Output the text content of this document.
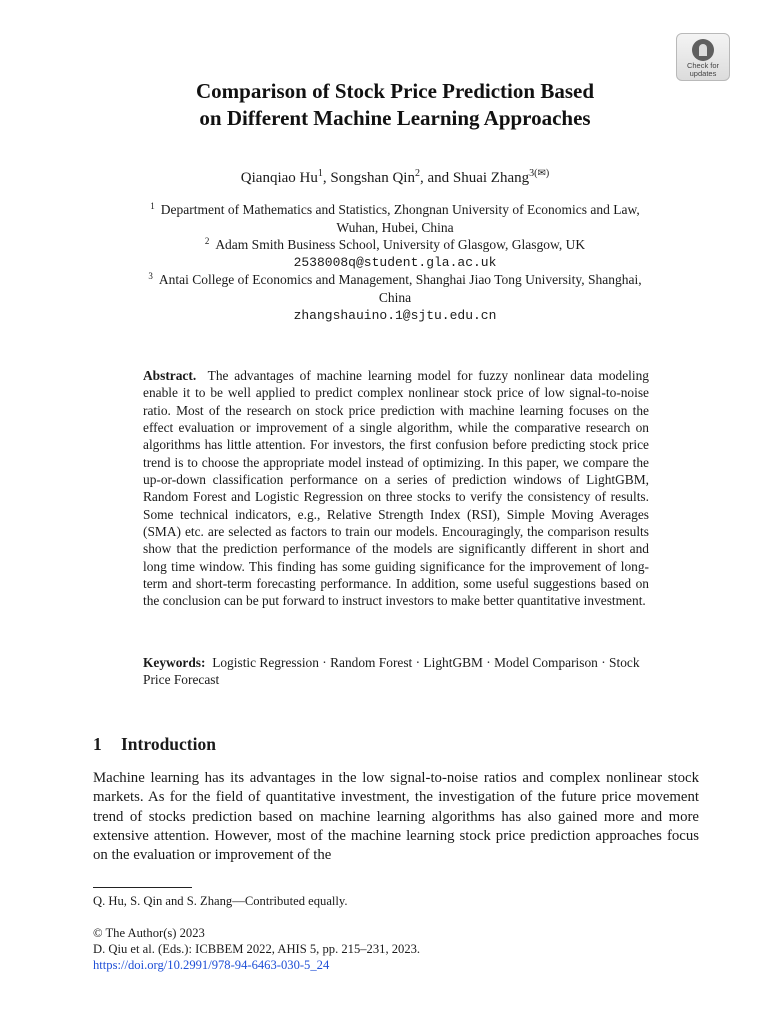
Check for
updates
Comparison of Stock Price Prediction Based
on Different Machine Learning Approaches
Qianqiao Hu$^1$, Songshan Qin$^2$, and Shuai Zhang$^{3(✉)}$
$^1$ Department of Mathematics and Statistics, Zhongnan University of Economics and Law,
Wuhan, Hubei, China
$^2$ Adam Smith Business School, University of Glasgow, Glasgow, UK
2538008q@student.gla.ac.uk
$^3$ Antai College of Economics and Management, Shanghai Jiao Tong University, Shanghai,
China
zhangshauino.1@sjtu.edu.cn
Abstract. The advantages of machine learning model for fuzzy nonlinear data modeling enable it to be well applied to predict complex nonlinear stock price of low signal-to-noise ratio. Most of the research on stock price prediction with machine learning focuses on the effect evaluation or improvement of a single algorithm, while the comparative research on algorithms has little attention. For investors, the first confusion before predicting stock price trend is to choose the appropriate model instead of optimizing. In this paper, we compare the up-or-down classification performance on a series of prediction windows of LightGBM, Random Forest and Logistic Regression on three stocks to verify the consistency of results. Some technical indicators, e.g., Relative Strength Index (RSI), Simple Moving Averages (SMA) etc. are selected as factors to train our models. Encouragingly, the comparison results show that the prediction performance of the models are significantly different in short and long time window. This finding has some guiding significance for the improvement of long-term and short-term forecasting performance. In addition, some useful suggestions based on the conclusion can be put forward to instruct investors to make better quantitative investment.
Keywords: Logistic Regression · Random Forest · LightGBM · Model Comparison · Stock Price Forecast
1 Introduction
Machine learning has its advantages in the low signal-to-noise ratios and complex nonlinear stock markets. As for the field of quantitative investment, the investigation of the future price movement trend of stocks prediction based on machine learning algorithms has also gained more and more extensive attention. However, most of the machine learning stock price prediction approaches focus on the evaluation or improvement of the
Q. Hu, S. Qin and S. Zhang—Contributed equally.
© The Author(s) 2023
D. Qiu et al. (Eds.): ICBBEM 2022, AHIS 5, pp. 215–231, 2023.
https://doi.org/10.2991/978-94-6463-030-5_24
